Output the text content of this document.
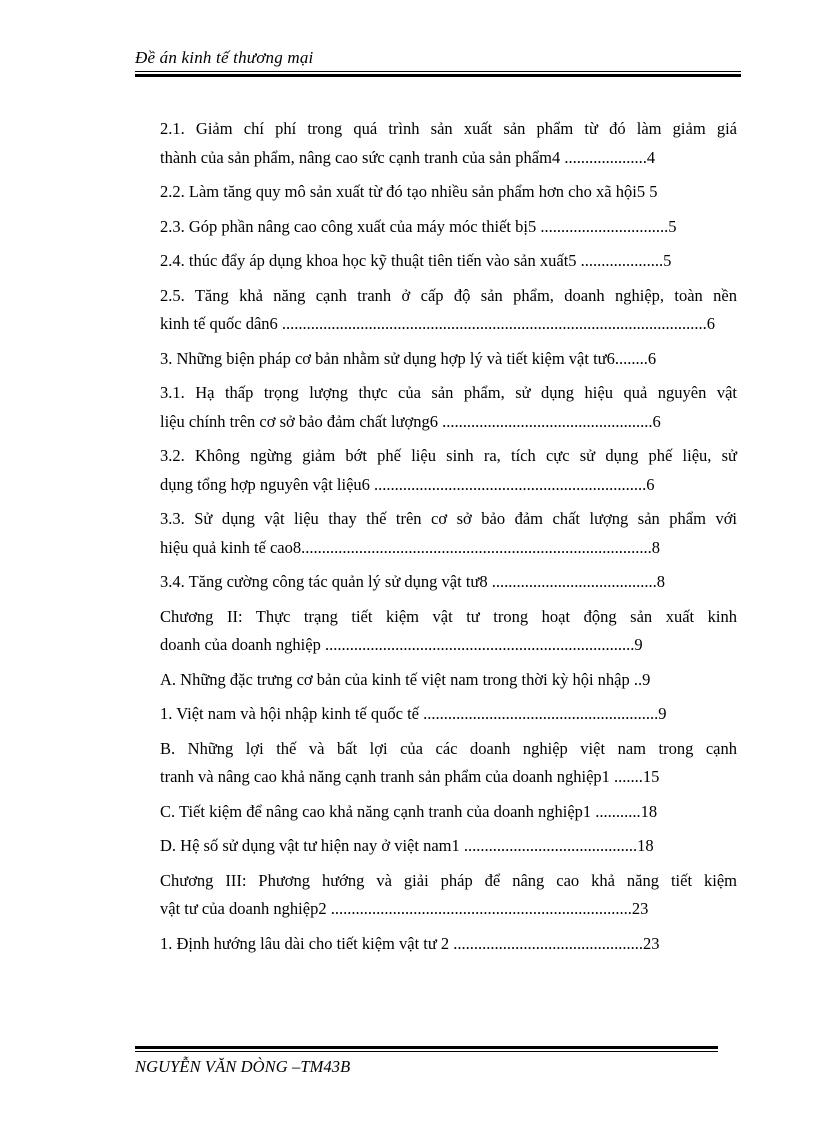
Đề án kinh tế thương mại
2.1. Giảm chí phí trong quá trình sản xuất sản phẩm từ đó làm giảm giá
thành của sản phẩm, nâng cao sức cạnh tranh của sản phẩm4 ....................4
2.2. Làm tăng quy mô sản xuất từ đó tạo nhiều sản phẩm hơn cho xã hội5 5
2.3. Góp phần nâng cao công xuất của máy móc thiết bị5 ...............................5
2.4. thúc đẩy áp dụng khoa học kỹ thuật tiên tiến vào sản xuất5 ....................5
2.5. Tăng khả năng cạnh tranh ở cấp độ sản phẩm, doanh nghiệp, toàn nền
kinh tế quốc dân6 .......................................................................................................6
3. Những biện pháp cơ bản nhằm sử dụng hợp lý và tiết kiệm vật tư6........6
3.1. Hạ thấp trọng lượng thực của sản phẩm, sử dụng hiệu quả nguyên vật
liệu chính trên cơ sở bảo đảm chất lượng6 ...................................................6
3.2. Không ngừng giảm bớt phế liệu sinh ra, tích cực sử dụng phế liệu, sử
dụng tổng hợp nguyên vật liệu6 ..................................................................6
3.3. Sử dụng vật liệu thay thế trên cơ sở bảo đảm chất lượng sản phẩm với
hiệu quả kinh tế cao8.....................................................................................8
3.4. Tăng cường công tác quản lý sử dụng vật tư8 ........................................8
Chương II: Thực trạng tiết kiệm vật tư trong hoạt động sản xuất kinh
doanh của doanh nghiệp ...........................................................................9
A. Những đặc trưng cơ bản của kinh tế việt nam trong thời kỳ hội nhập ..9
1. Việt nam và hội nhập kinh tế quốc tế .........................................................9
B. Những lợi thế và bất lợi của các doanh nghiệp việt nam trong cạnh
tranh và nâng cao khả năng cạnh tranh sản phẩm của doanh nghiệp1 .......15
C. Tiết kiệm để nâng cao khả năng cạnh tranh của doanh nghiệp1 ...........18
D. Hệ số sử dụng vật tư hiện nay ở việt nam1 ..........................................18
Chương III: Phương hướng và giải pháp để nâng cao khả năng tiết kiệm
vật tư của doanh nghiệp2 .........................................................................23
1. Định hướng lâu dài cho tiết kiệm vật tư 2 ..............................................23
NGUYỄN VĂN DÒNG –TM43B
